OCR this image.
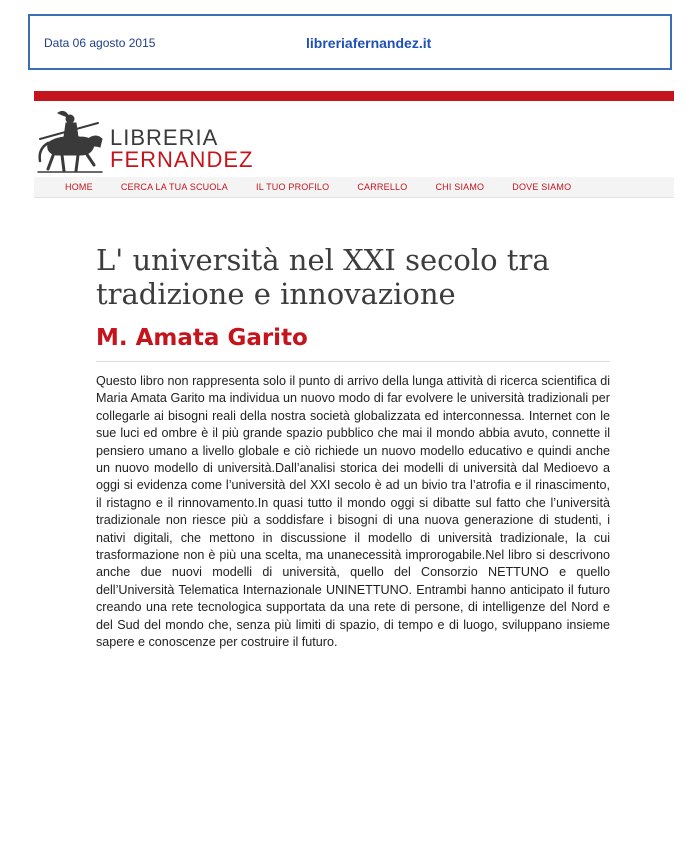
Data 06 agosto 2015	libreriafernandez.it
LIBRERIA
FERNANDEZ
HOME	CERCA LA TUA SCUOLA	IL TUO PROFILO	CARRELLO	CHI SIAMO	DOVE SIAMO
L' università nel XXI secolo tra tradizione e innovazione
M. Amata Garito

Questo libro non rappresenta solo il punto di arrivo della lunga attività di ricerca scientifica di Maria Amata Garito ma individua un nuovo modo di far evolvere le università tradizionali per collegarle ai bisogni reali della nostra società globalizzata ed interconnessa. Internet con le sue luci ed ombre è il più grande spazio pubblico che mai il mondo abbia avuto, connette il pensiero umano a livello globale e ciò richiede un nuovo modello educativo e quindi anche un nuovo modello di università.Dall’analisi storica dei modelli di università dal Medioevo a oggi si evidenza come l’università del XXI secolo è ad un bivio tra l’atrofia e il rinascimento, il ristagno e il rinnovamento.In quasi tutto il mondo oggi si dibatte sul fatto che l’università tradizionale non riesce più a soddisfare i bisogni di una nuova generazione di studenti, i nativi digitali, che mettono in discussione il modello di università tradizionale, la cui trasformazione non è più una scelta, ma unanecessità improrogabile.Nel libro si descrivono anche due nuovi modelli di università, quello del Consorzio NETTUNO e quello dell’Università Telematica Internazionale UNINETTUNO. Entrambi hanno anticipato il futuro creando una rete tecnologica supportata da una rete di persone, di intelligenze del Nord e del Sud del mondo che, senza più limiti di spazio, di tempo e di luogo, sviluppano insieme sapere e conoscenze per costruire il futuro.
